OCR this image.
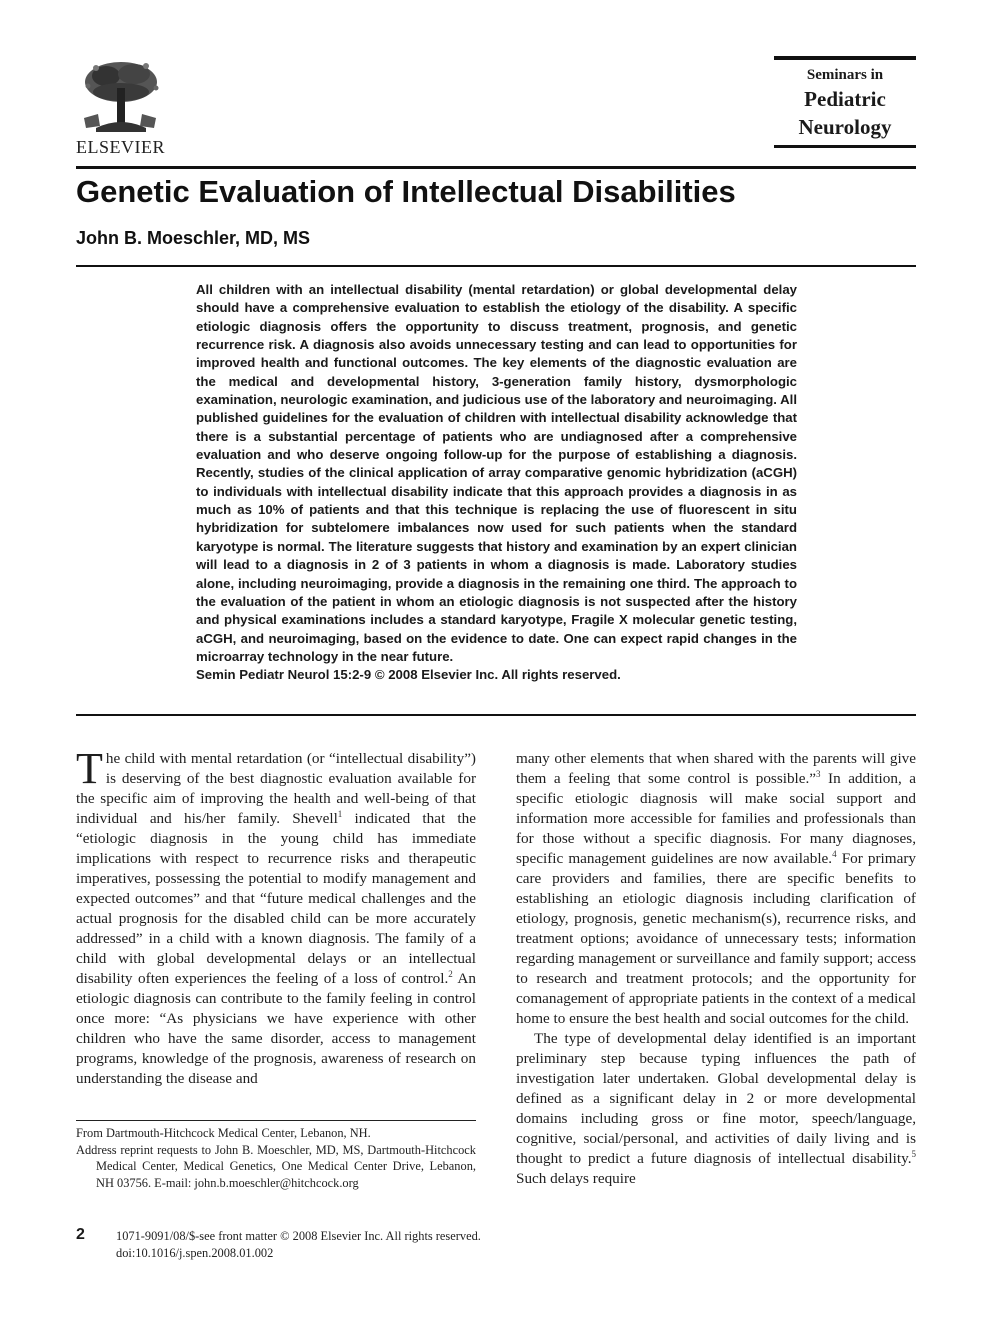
ELSEVIER
Seminars in
Pediatric
Neurology
Genetic Evaluation of Intellectual Disabilities
John B. Moeschler, MD, MS

All children with an intellectual disability (mental retardation) or global developmental delay should have a comprehensive evaluation to establish the etiology of the disability. A specific etiologic diagnosis offers the opportunity to discuss treatment, prognosis, and genetic recurrence risk. A diagnosis also avoids unnecessary testing and can lead to opportunities for improved health and functional outcomes. The key elements of the diagnostic evaluation are the medical and developmental history, 3-generation family history, dysmorphologic examination, neurologic examination, and judicious use of the laboratory and neuroimaging. All published guidelines for the evaluation of children with intellectual disability acknowledge that there is a substantial percentage of patients who are undiagnosed after a comprehensive evaluation and who deserve ongoing follow-up for the purpose of establishing a diagnosis. Recently, studies of the clinical application of array comparative genomic hybridization (aCGH) to individuals with intellectual disability indicate that this approach provides a diagnosis in as much as 10% of patients and that this technique is replacing the use of fluorescent in situ hybridization for subtelomere imbalances now used for such patients when the standard karyotype is normal. The literature suggests that history and examination by an expert clinician will lead to a diagnosis in 2 of 3 patients in whom a diagnosis is made. Laboratory studies alone, including neuroimaging, provide a diagnosis in the remaining one third. The approach to the evaluation of the patient in whom an etiologic diagnosis is not suspected after the history and physical examinations includes a standard karyotype, Fragile X molecular genetic testing, aCGH, and neuroimaging, based on the evidence to date. One can expect rapid changes in the microarray technology in the near future.

Semin Pediatr Neurol 15:2-9 © 2008 Elsevier Inc. All rights reserved.

The child with mental retardation (or “intellectual disability”) is deserving of the best diagnostic evaluation available for the specific aim of improving the health and well-being of that individual and his/her family. Shevell$^1$ indicated that the “etiologic diagnosis in the young child has immediate implications with respect to recurrence risks and therapeutic imperatives, possessing the potential to modify management and expected outcomes” and that “future medical challenges and the actual prognosis for the disabled child can be more accurately addressed” in a child with a known diagnosis. The family of a child with global developmental delays or an intellectual disability often experiences the feeling of a loss of control.$^2$ An etiologic diagnosis can contribute to the family feeling in control once more: “As physicians we have experience with other children who have the same disorder, access to management programs, knowledge of the prognosis, awareness of research on understanding the disease and

From Dartmouth-Hitchcock Medical Center, Lebanon, NH.

Address reprint requests to John B. Moeschler, MD, MS, Dartmouth-Hitchcock Medical Center, Medical Genetics, One Medical Center Drive, Lebanon, NH 03756. E-mail: john.b.moeschler@hitchcock.org

many other elements that when shared with the parents will give them a feeling that some control is possible.”$^3$ In addition, a specific etiologic diagnosis will make social support and information more accessible for families and professionals than for those without a specific diagnosis. For many diagnoses, specific management guidelines are now available.$^4$ For primary care providers and families, there are specific benefits to establishing an etiologic diagnosis including clarification of etiology, prognosis, genetic mechanism(s), recurrence risks, and treatment options; avoidance of unnecessary tests; information regarding management or surveillance and family support; access to research and treatment protocols; and the opportunity for comanagement of appropriate patients in the context of a medical home to ensure the best health and social outcomes for the child.

The type of developmental delay identified is an important preliminary step because typing influences the path of investigation later undertaken. Global developmental delay is defined as a significant delay in 2 or more developmental domains including gross or fine motor, speech/language, cognitive, social/personal, and activities of daily living and is thought to predict a future diagnosis of intellectual disability.$^5$ Such delays require

2	1071-9091/08/$-see front matter © 2008 Elsevier Inc. All rights reserved.
doi:10.1016/j.spen.2008.01.002
